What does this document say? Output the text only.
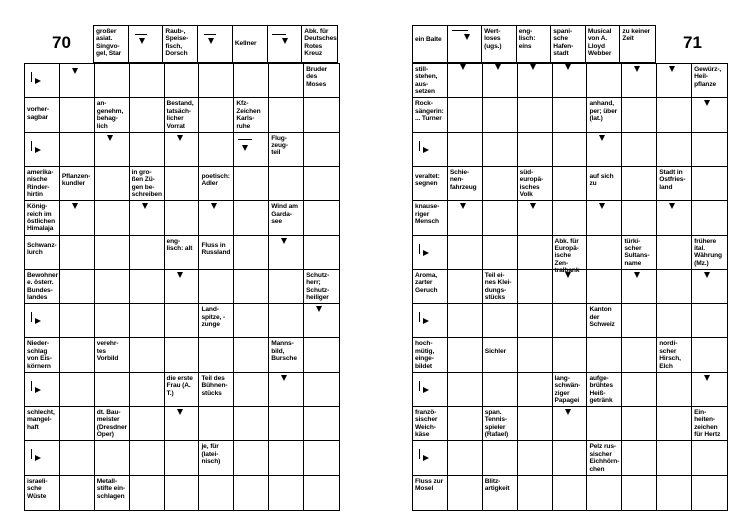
70
großer asiat. Singvo-
gel, Star
Raub-, Speise-
fisch, Dorsch
Kellner
Abk. für Deutsches Rotes Kreuz
Bruder des Moses
vorher-
sagbar
an-
genehm, behag-
lich
Bestand, tatsäch-
licher Vorrat
Kfz-
Zeichen Karls-
ruhe
Flug-
zeug-
teil
amerika-
nische Rinder-
hirtin
Pflanzen-
kundler
in gro-
ßen Zü-
gen be-
schreiben
poetisch: Adler
König-
reich im östlichen Himalaja
Wind am Garda-
see
Schwanz-
lurch
eng-
lisch: alt	Fluss in Russland
Bewohner e. österr. Bundes-
landes
Schutz-
herr; Schutz-
heiliger
Land-
spitze, -zunge
Nieder-
schlag von Eis-
körnern
verehr-
tes Vorbild
Manns-
bild, Bursche
die erste Frau (A. T.)
Teil des Bühnen-
stücks
schlecht, mangel-
haft
dt. Bau-
meister (Dresdner Oper)
je, für (latei-
nisch)
israeli-
sche Wüste
Metall-
stifte ein-
schlagen
71
ein Balte
Wert-
loses (ugs.)
eng-
lisch: eins
spani-
sche Hafen-
stadt
Musical von A. Lloyd Webber
zu keiner Zeit
still-
stehen, aus-
setzen
Gewürz-, Heil-
pflanze
Rock-
sängerin: ... Turner
anhand, per; über (lat.)
veraltet: segnen
Schie-
nen-
fahrzeug
süd-
europä-
isches Volk
auf sich zu
Stadt in Ostfries-
land
knause-
riger Mensch
Abk. für Europä-
ische Zen-
tralbank
türki-
scher Sultans-
name
frühere ital. Währung (Mz.)
Aroma, zarter Geruch
Teil ei-
nes Klei-
dungs-
stücks
Kanton der Schweiz
hoch-
mütig, einge-
bildet
Sichler
nordi-
scher Hirsch, Elch
lang-
schwän-
ziger Papagei
aufge-
brühtes Heiß-
getränk
franzö-
sischer Weich-
käse
span. Tennis-
spieler (Rafael)
Ein-
heiten-
zeichen für Hertz
Pelz rus-
sischer Eichhörn-
chen
Fluss zur Mosel
Blitz-
artigkeit
